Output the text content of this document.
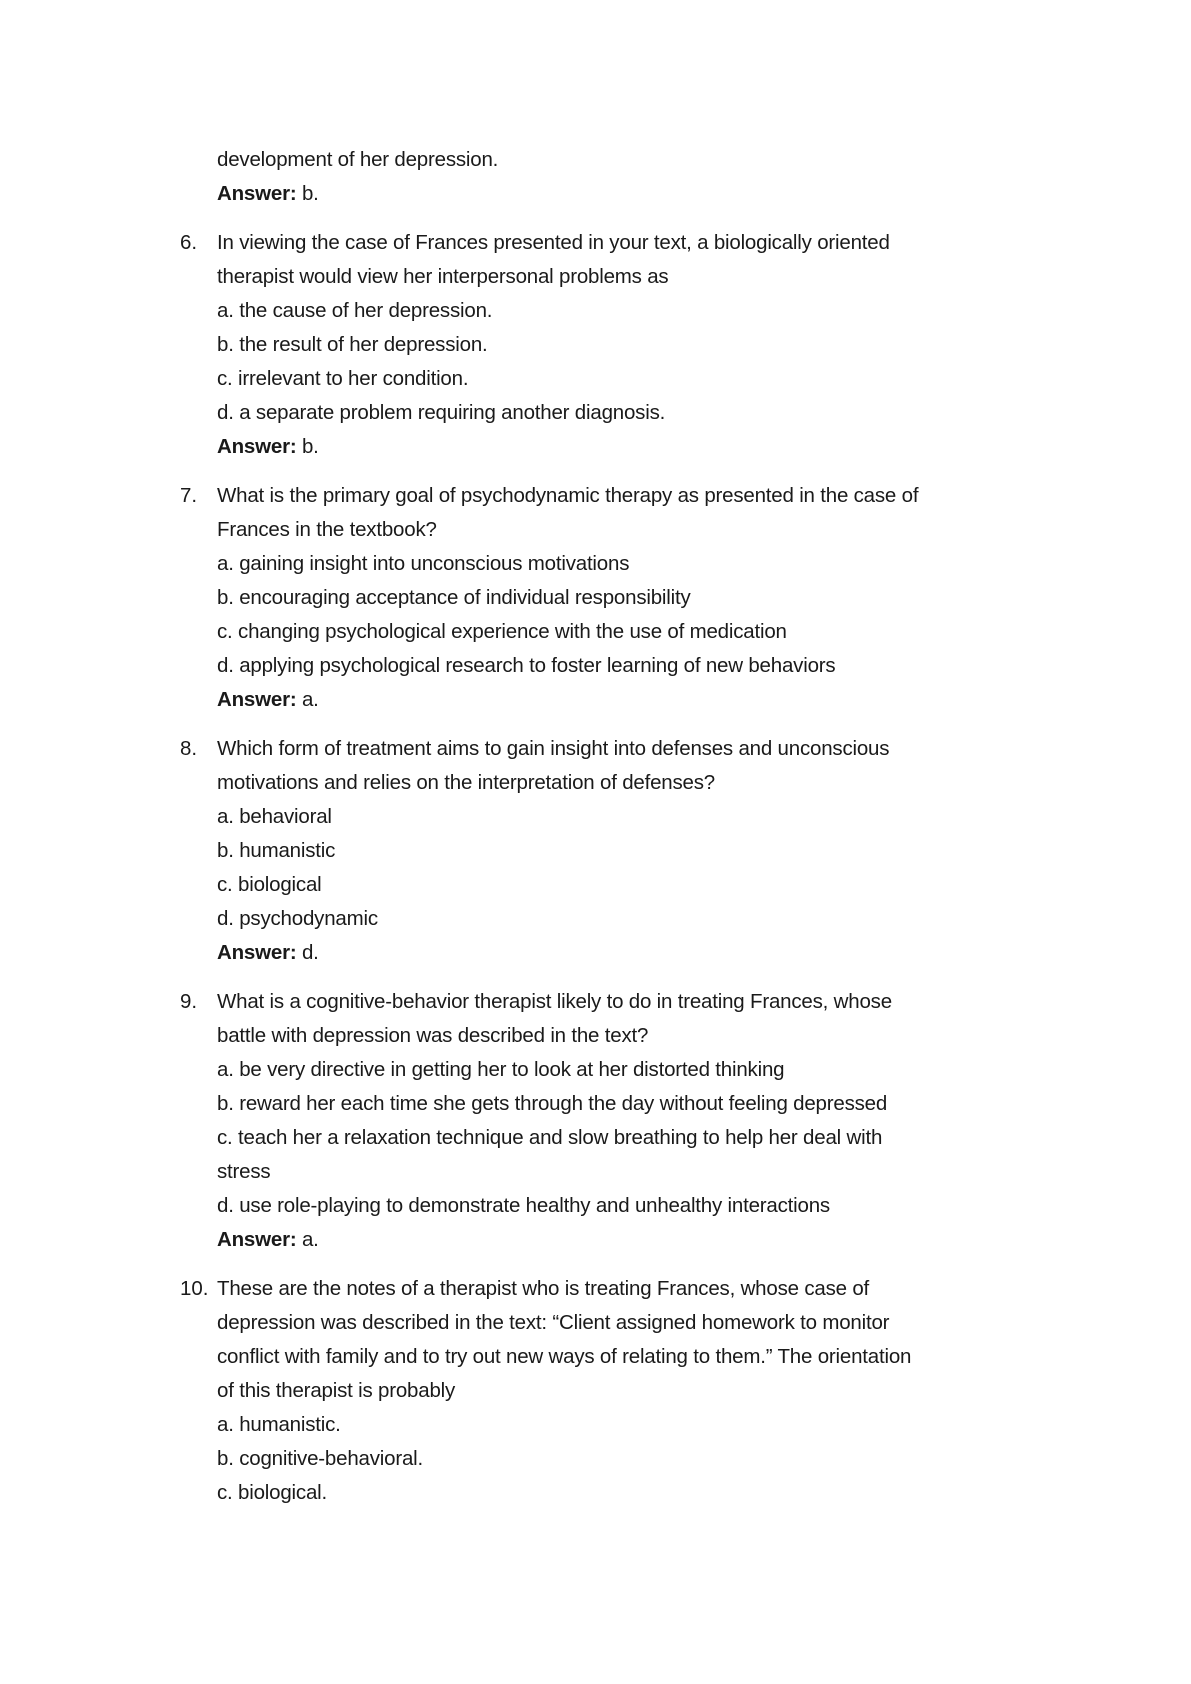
development of her depression.
Answer: b.
6. In viewing the case of Frances presented in your text, a biologically oriented
therapist would view her interpersonal problems as
a. the cause of her depression.
b. the result of her depression.
c. irrelevant to her condition.
d. a separate problem requiring another diagnosis.
Answer: b.
7. What is the primary goal of psychodynamic therapy as presented in the case of
Frances in the textbook?
a. gaining insight into unconscious motivations
b. encouraging acceptance of individual responsibility
c. changing psychological experience with the use of medication
d. applying psychological research to foster learning of new behaviors
Answer: a.
8. Which form of treatment aims to gain insight into defenses and unconscious
motivations and relies on the interpretation of defenses?
a. behavioral
b. humanistic
c. biological
d. psychodynamic
Answer: d.
9. What is a cognitive-behavior therapist likely to do in treating Frances, whose
battle with depression was described in the text?
a. be very directive in getting her to look at her distorted thinking
b. reward her each time she gets through the day without feeling depressed
c. teach her a relaxation technique and slow breathing to help her deal with
stress
d. use role-playing to demonstrate healthy and unhealthy interactions
Answer: a.
10. These are the notes of a therapist who is treating Frances, whose case of
depression was described in the text: “Client assigned homework to monitor
conflict with family and to try out new ways of relating to them.” The orientation
of this therapist is probably
a. humanistic.
b. cognitive-behavioral.
c. biological.
